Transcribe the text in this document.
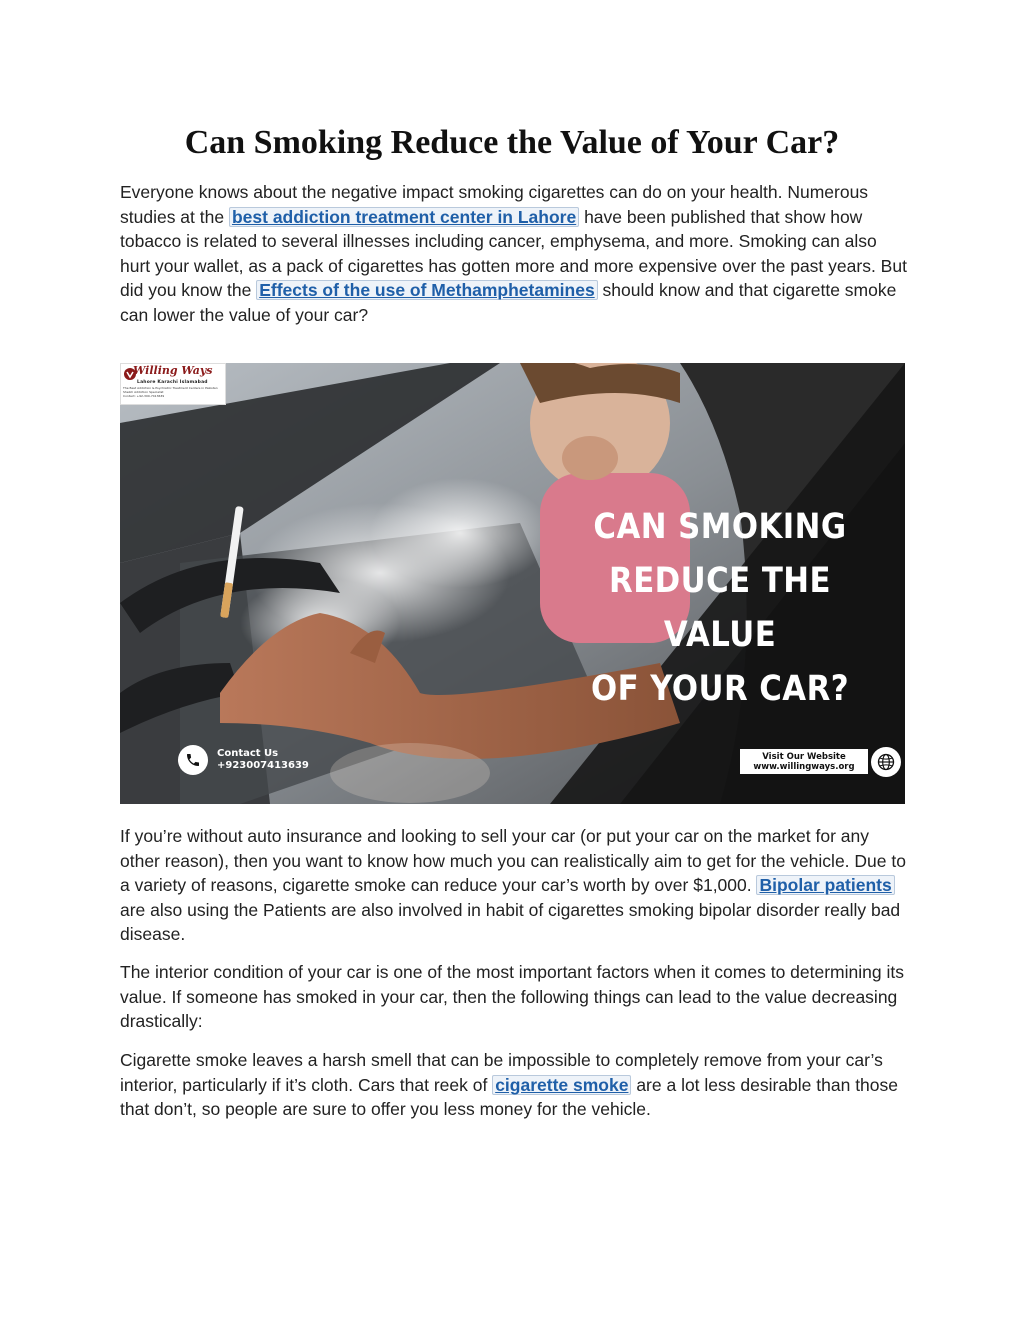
Can Smoking Reduce the Value of Your Car?

Everyone knows about the negative impact smoking cigarettes can do on your health. Numerous studies at the best addiction treatment center in Lahore have been published that show how tobacco is related to several illnesses including cancer, emphysema, and more. Smoking can also hurt your wallet, as a pack of cigarettes has gotten more and more expensive over the past years. But did you know the Effects of the use of Methamphetamines should know and that cigarette smoke can lower the value of your car?

Willing Ways
Lahore Karachi Islamabad
The Best Addiction & Psychiatric Treatment Centers in Pakistan
Sheikh Addiction Specialist
Contact: +92-300-7413639
CAN SMOKING
REDUCE THE VALUE
OF YOUR CAR?
Contact Us
+923007413639
Visit Our Website
www.willingways.org

If you’re without auto insurance and looking to sell your car (or put your car on the market for any other reason), then you want to know how much you can realistically aim to get for the vehicle. Due to a variety of reasons, cigarette smoke can reduce your car’s worth by over $1,000. Bipolar patients are also using the Patients are also involved in habit of cigarettes smoking bipolar disorder really bad disease.

The interior condition of your car is one of the most important factors when it comes to determining its value. If someone has smoked in your car, then the following things can lead to the value decreasing drastically:

Cigarette smoke leaves a harsh smell that can be impossible to completely remove from your car’s interior, particularly if it’s cloth. Cars that reek of cigarette smoke are a lot less desirable than those that don’t, so people are sure to offer you less money for the vehicle.
